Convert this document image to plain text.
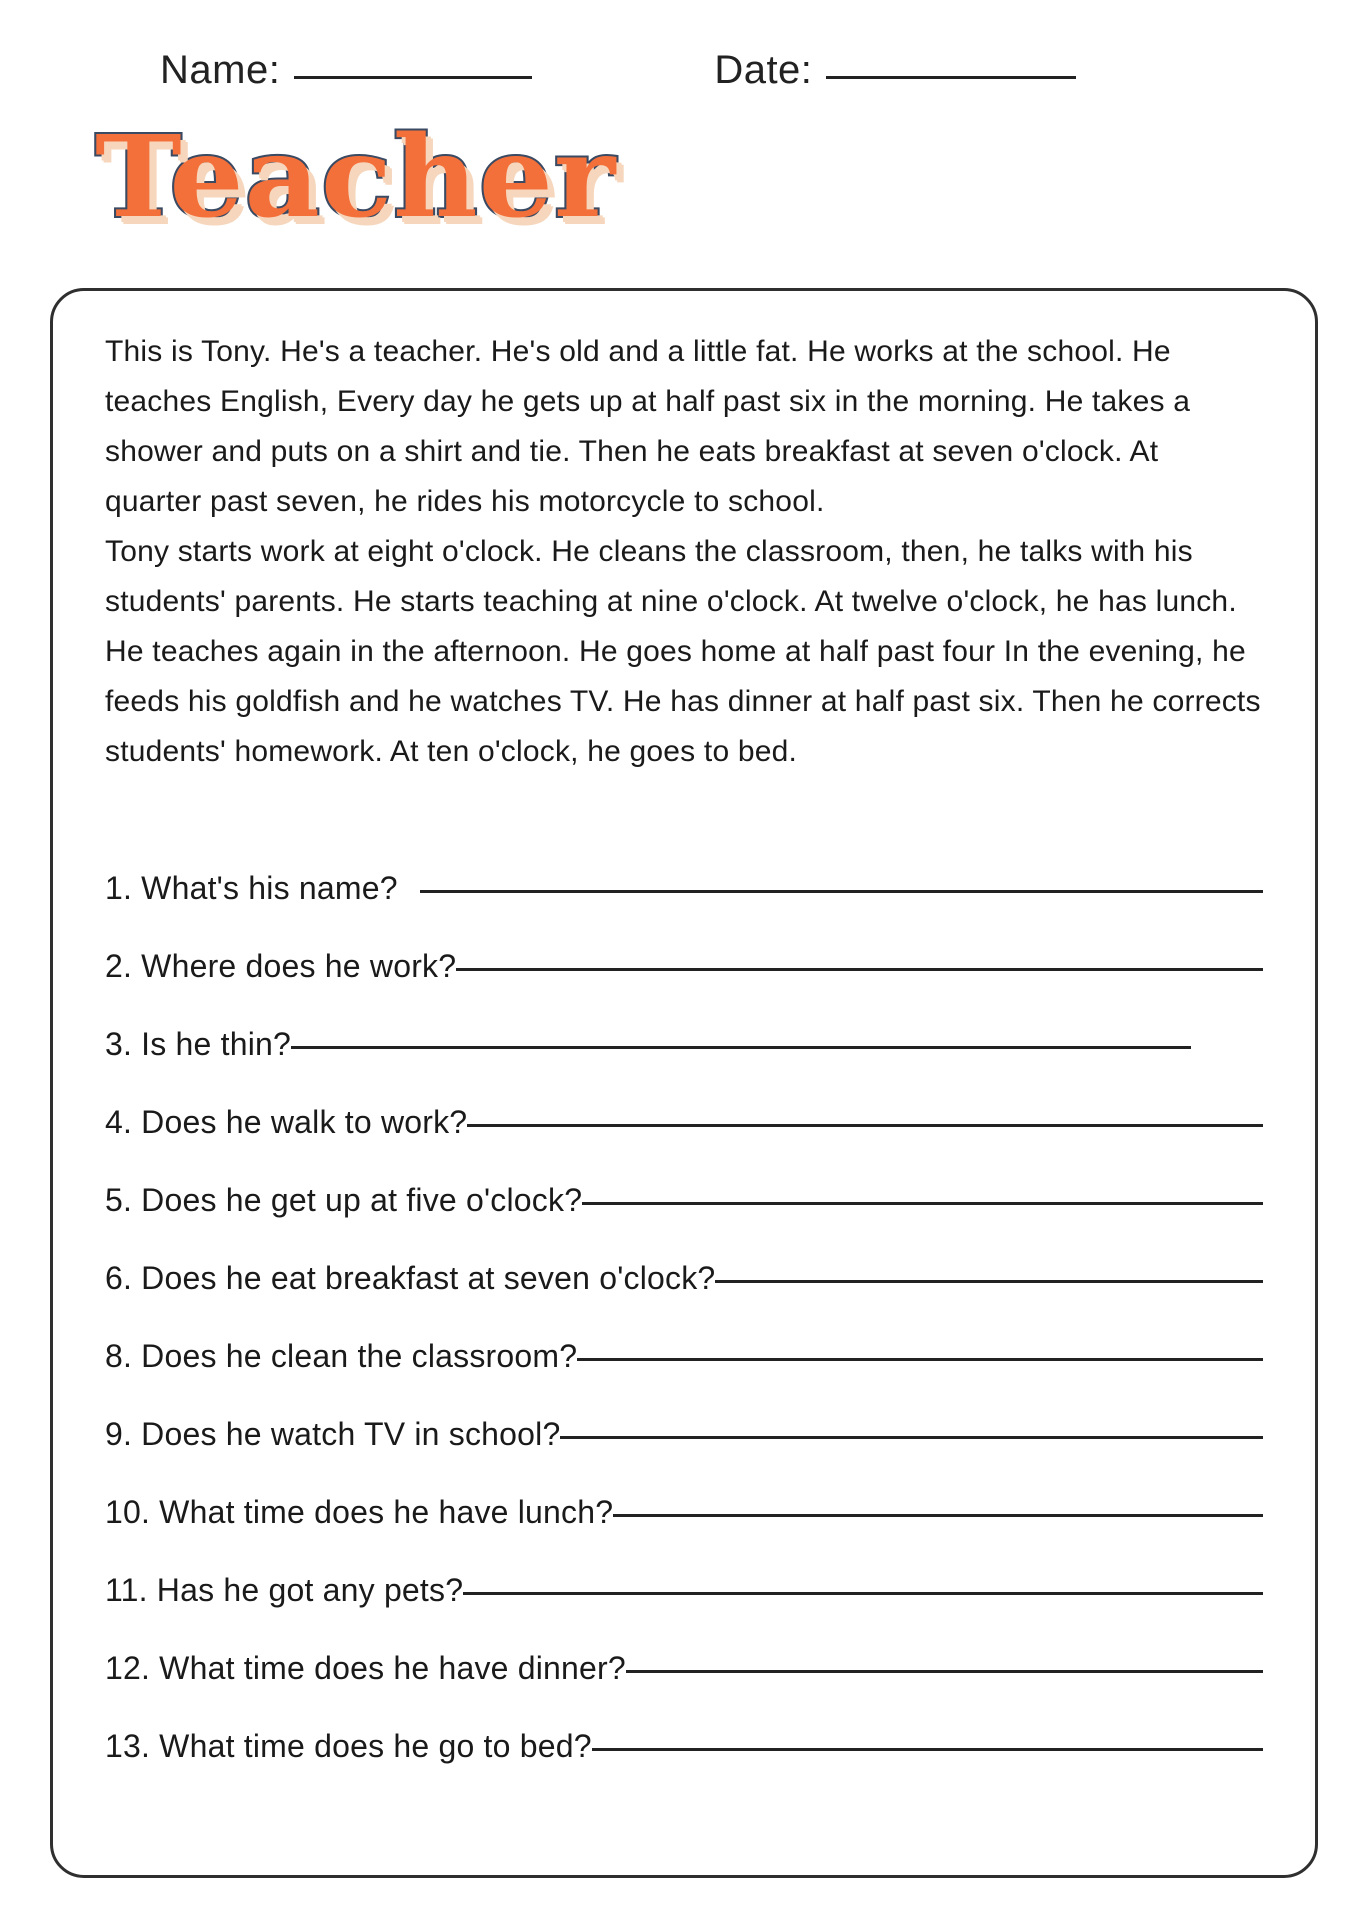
Name:	Date:
Teacher

This is Tony. He's a teacher. He's old and a little fat. He works at the school. He teaches English, Every day he gets up at half past six in the morning. He takes a shower and puts on a shirt and tie. Then he eats breakfast at seven o'clock. At quarter past seven, he rides his motorcycle to school.

Tony starts work at eight o'clock. He cleans the classroom, then, he talks with his students' parents. He starts teaching at nine o'clock. At twelve o'clock, he has lunch. He teaches again in the afternoon. He goes home at half past four In the evening, he feeds his goldfish and he watches TV. He has dinner at half past six. Then he corrects students' homework. At ten o'clock, he goes to bed.

1. What's his name?
2. Where does he work?
3. Is he thin?
4. Does he walk to work?
5. Does he get up at five o'clock?
6. Does he eat breakfast at seven o'clock?
8. Does he clean the classroom?
9. Does he watch TV in school?
10. What time does he have lunch?
11. Has he got any pets?
12. What time does he have dinner?
13. What time does he go to bed?
